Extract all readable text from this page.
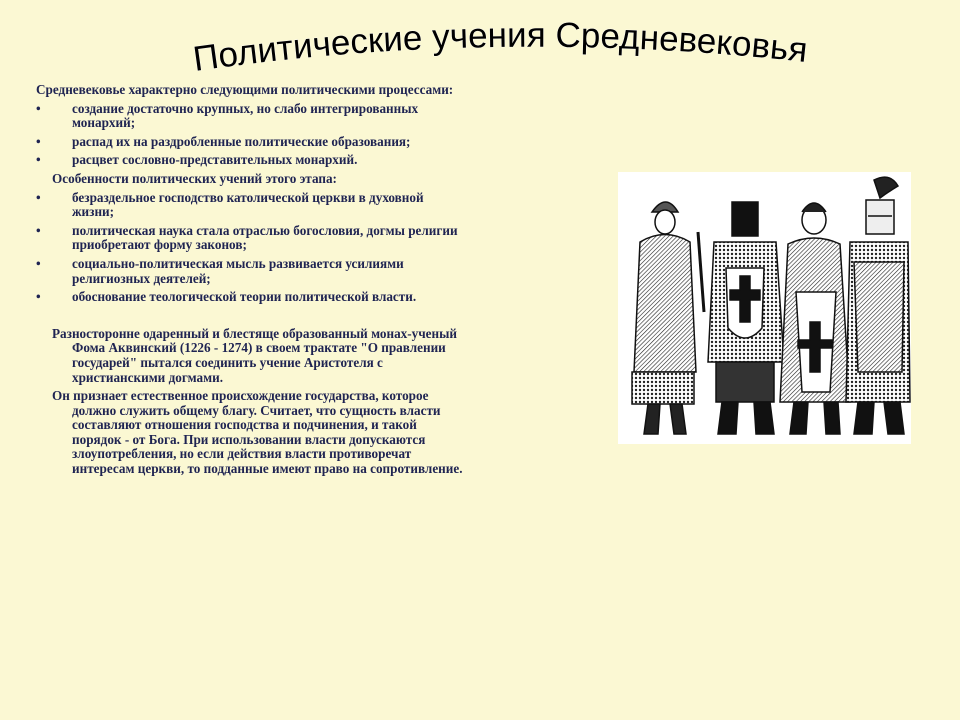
Политические учения Средневековья
Средневековье характерно следующими политическими процессами:
•	создание достаточно крупных, но слабо интегрированных монархий;
•	распад их на раздробленные политические образования;
•	расцвет сословно-представительных монархий.
Особенности политических учений этого этапа:
•	безраздельное господство католической церкви в духовной жизни;
•	политическая наука стала отраслью богословия, догмы религии приобретают форму законов;
•	социально-политическая мысль развивается усилиями религиозных деятелей;
•	обоснование теологической теории политической власти.
Разносторонне одаренный и блестяще образованный монах-ученый Фома Аквинский (1226 - 1274) в своем трактате "О правлении государей" пытался соединить учение Аристотеля с христианскими догмами.
Он признает естественное происхождение государства, которое должно служить общему благу. Считает, что сущность власти составляют отношения господства и подчинения, и такой порядок - от Бога. При использовании власти допускаются злоупотребления, но если действия власти противоречат интересам церкви, то подданные имеют право на сопротивление.
